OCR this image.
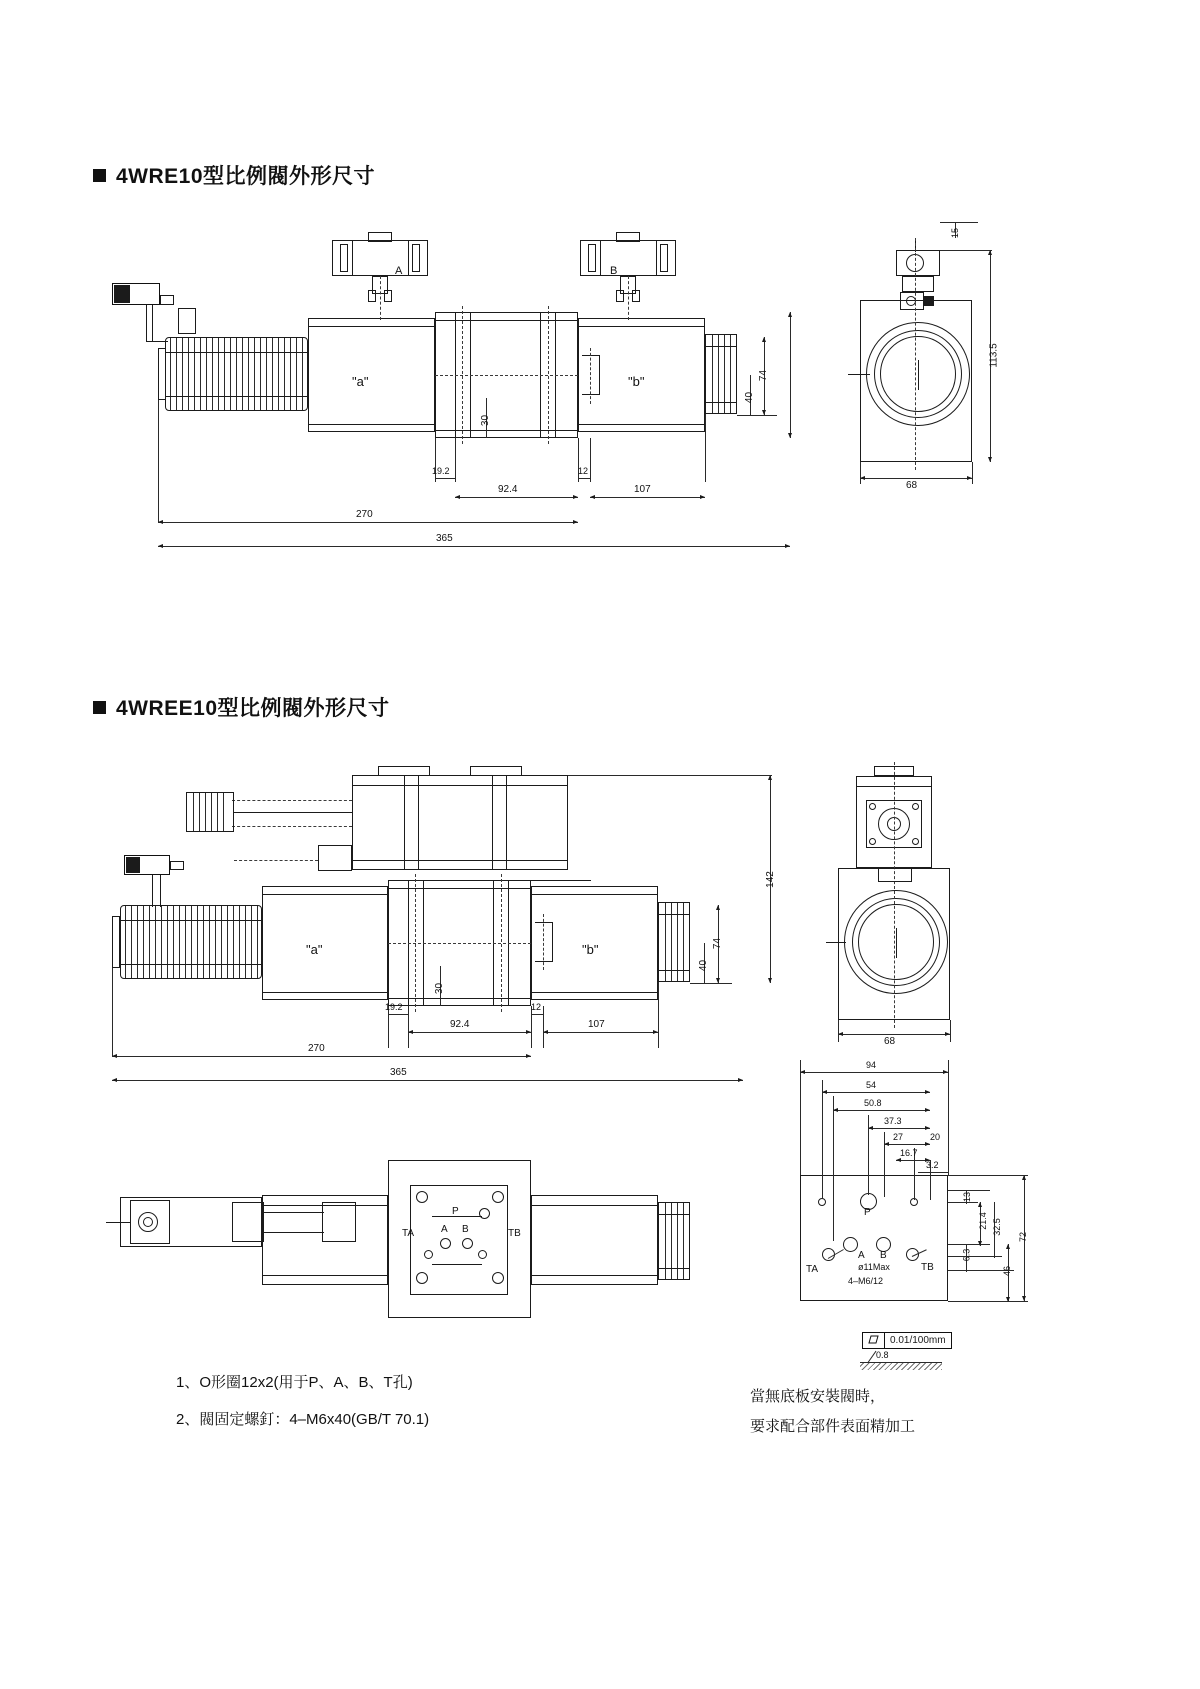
4WRE10型比例閥外形尺寸
"a"	"b"
A	B
74
40
30
19.2	12
92.4	107
270
365
113.5
15
68
4WREE10型比例閥外形尺寸
"a"	"b"	74
40
142
30
19.2	12
92.4	107
270
365
68
P
A B
TA	TB
P
A B
TA	TB
ø11Max
4–M6/12
94
54
50.8
37.3
27	20
16.7
3.2
13
21.4 32.5
6.3
46
72
0.01/100mm
0.8
1、O形圈12x2(用于P、A、B、T孔)
2、閥固定螺釘：4–M6x40(GB/T 70.1)
當無底板安裝閥時，
要求配合部件表面精加工
